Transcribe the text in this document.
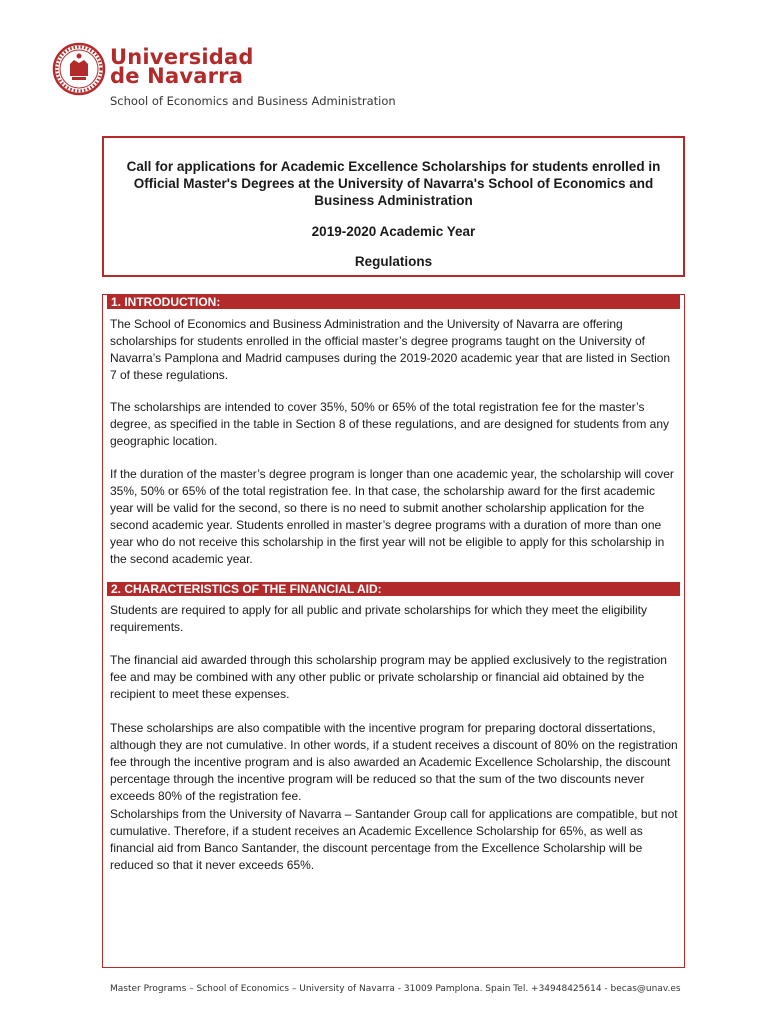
Universidad
de Navarra
School of Economics and Business Administration
Call for applications for Academic Excellence Scholarships for students enrolled in Official Master's Degrees at the University of Navarra's School of Economics and Business Administration
2019-2020 Academic Year
Regulations
1. INTRODUCTION:
The School of Economics and Business Administration and the University of Navarra are offering scholarships for students enrolled in the official master’s degree programs taught on the University of Navarra’s Pamplona and Madrid campuses during the 2019-2020 academic year that are listed in Section 7 of these regulations.
The scholarships are intended to cover 35%, 50% or 65% of the total registration fee for the master’s degree, as specified in the table in Section 8 of these regulations, and are designed for students from any geographic location.
If the duration of the master’s degree program is longer than one academic year, the scholarship will cover 35%, 50% or 65% of the total registration fee. In that case, the scholarship award for the first academic year will be valid for the second, so there is no need to submit another scholarship application for the second academic year. Students enrolled in master’s degree programs with a duration of more than one year who do not receive this scholarship in the first year will not be eligible to apply for this scholarship in the second academic year.
2. CHARACTERISTICS OF THE FINANCIAL AID:
Students are required to apply for all public and private scholarships for which they meet the eligibility requirements.
The financial aid awarded through this scholarship program may be applied exclusively to the registration fee and may be combined with any other public or private scholarship or financial aid obtained by the recipient to meet these expenses.
These scholarships are also compatible with the incentive program for preparing doctoral dissertations, although they are not cumulative. In other words, if a student receives a discount of 80% on the registration fee through the incentive program and is also awarded an Academic Excellence Scholarship, the discount percentage through the incentive program will be reduced so that the sum of the two discounts never exceeds 80% of the registration fee.
Scholarships from the University of Navarra – Santander Group call for applications are compatible, but not cumulative. Therefore, if a student receives an Academic Excellence Scholarship for 65%, as well as financial aid from Banco Santander, the discount percentage from the Excellence Scholarship will be reduced so that it never exceeds 65%.
Master Programs – School of Economics – University of Navarra - 31009 Pamplona. Spain Tel. +34948425614 - becas@unav.es
